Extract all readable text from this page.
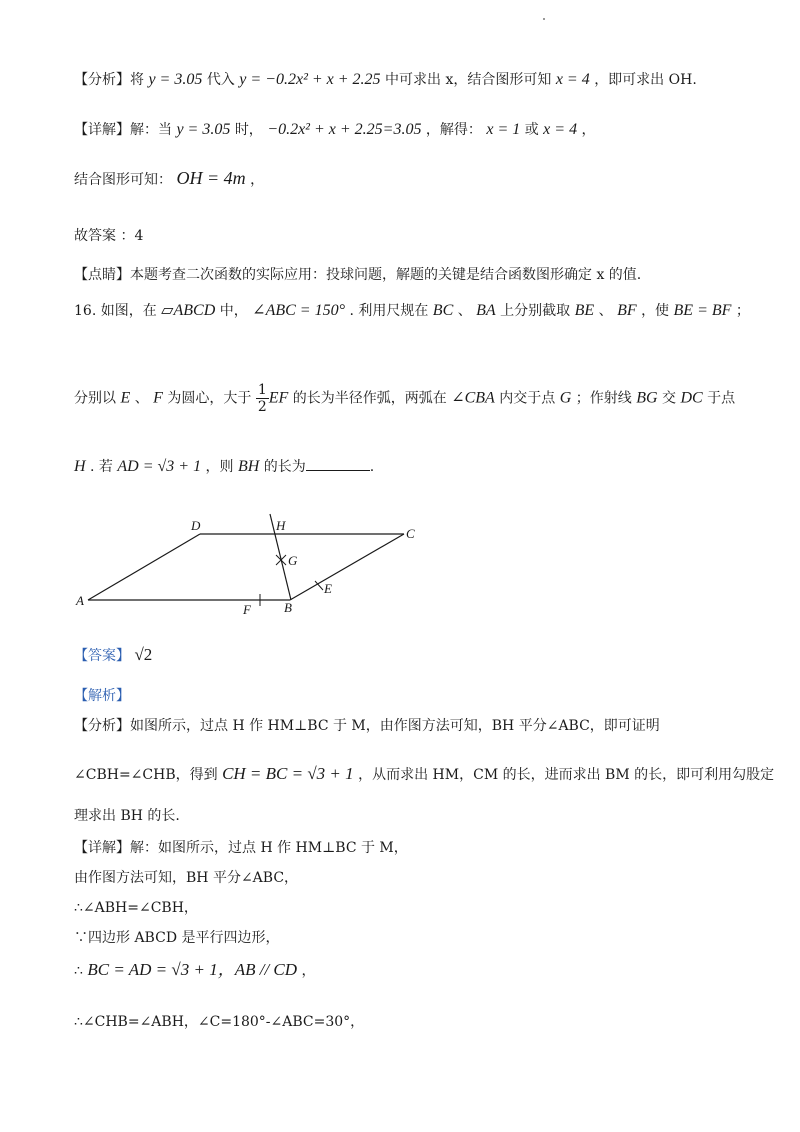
【分析】将 y = 3.05 代入 y = −0.2x² + x + 2.25 中可求出 x，结合图形可知 x = 4 ，即可求出 OH.
【详解】解：当 y = 3.05 时， −0.2x² + x + 2.25=3.05 ，解得： x = 1 或 x = 4 ，
结合图形可知： OH = 4m ，
故答案 ：4
【点睛】本题考查二次函数的实际应用：投球问题，解题的关键是结合函数图形确定 x 的值.
16. 如图，在 ▱ABCD 中， ∠ABC = 150° . 利用尺规在 BC 、 BA 上分别截取 BE 、 BF ，使 BE = BF ；
分别以 E 、 F 为圆心，大于 $\frac{1}{2}$ EF 的长为半径作弧，两弧在 ∠CBA 内交于点 G ；作射线 BG 交 DC 于点
H . 若 AD = √3 + 1 ，则 BH 的长为	.
A	B
C
D
E
F
G
H
【答案】 √2
【解析】
【分析】如图所示，过点 H 作 HM⊥BC 于 M，由作图方法可知，BH 平分∠ABC，即可证明
∠CBH=∠CHB，得到 CH = BC = √3 + 1 ，从而求出 HM，CM 的长，进而求出 BM 的长，即可利用勾股定
理求出 BH 的长.
【详解】解：如图所示，过点 H 作 HM⊥BC 于 M，
由作图方法可知，BH 平分∠ABC，
∴∠ABH=∠CBH，
∵四边形 ABCD 是平行四边形，
∴ BC = AD = √3 + 1，AB // CD ，
∴∠CHB=∠ABH，∠C=180°-∠ABC=30°，
